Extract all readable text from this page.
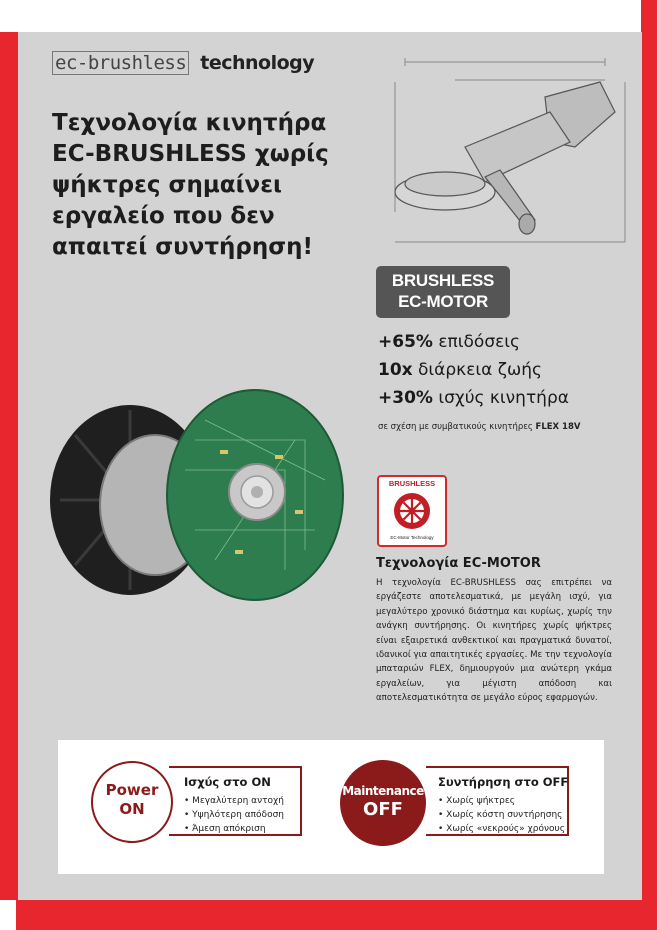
ec-brushless technology
Τεχνολογία κινητήρα
EC-BRUSHLESS χωρίς
ψήκτρες σημαίνει
εργαλείο που δεν
απαιτεί συντήρηση!
BRUSHLESS
EC-MOTOR
+65% επιδόσεις
10x διάρκεια ζωής
+30% ισχύς κινητήρα
σε σχέση με συμβατικούς κινητήρες FLEX 18V
BRUSHLESS
EC-Motor Technology
Τεχνολογία EC-MOTOR
Η τεχνολογία EC-BRUSHLESS σας επιτρέπει να εργάζεστε αποτελεσματικά, με μεγάλη ισχύ, για μεγαλύτερο χρονικό διάστημα και κυρίως, χωρίς την ανάγκη συντήρησης. Οι κινητήρες χωρίς ψήκτρες είναι εξαιρετικά ανθεκτικοί και πραγματικά δυνατοί, ιδανικοί για απαιτητικές εργασίες. Με την τεχνολογία μπαταριών FLEX, δημιουργούν μια ανώτερη γκάμα εργαλείων, για μέγιστη απόδοση και αποτελεσματικότητα σε μεγάλο εύρος εφαρμογών.
Power
ON
Ισχύς στο ON
• Μεγαλύτερη αντοχή
• Υψηλότερη απόδοση
• Άμεση απόκριση
Maintenance
OFF
Συντήρηση στο OFF
• Χωρίς ψήκτρες
• Χωρίς κόστη συντήρησης
• Χωρίς «νεκρούς» χρόνους
